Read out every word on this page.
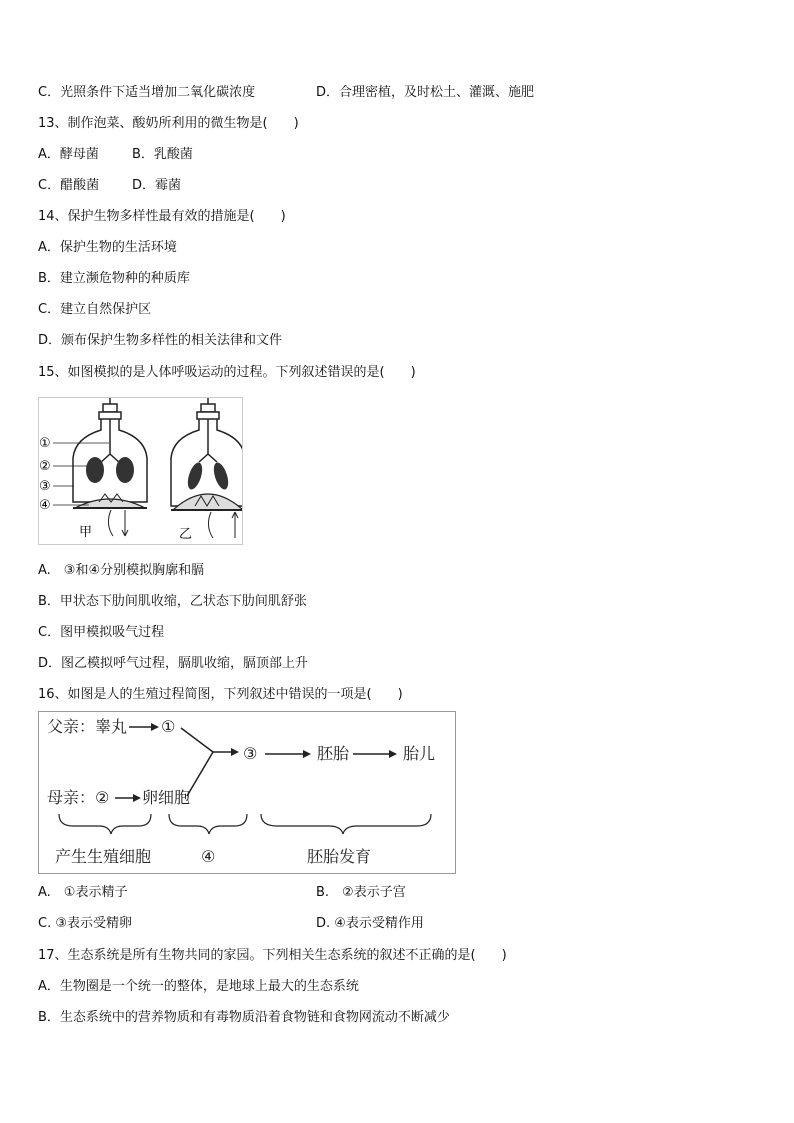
C．光照条件下适当增加二氧化碳浓度	D．合理密植，及时松土、灌溉、施肥
13、制作泡菜、酸奶所利用的微生物是(　　)
A．酵母菌	B．乳酸菌
C．醋酸菌	D．霉菌
14、保护生物多样性最有效的措施是(　　)
A．保护生物的生活环境
B．建立濒危物种的种质库
C．建立自然保护区
D．颁布保护生物多样性的相关法律和文件
15、如图模拟的是人体呼吸运动的过程。下列叙述错误的是(　　)
①
②
③
④
甲	乙
A.　③和④分别模拟胸廓和膈
B．甲状态下肋间肌收缩，乙状态下肋间肌舒张
C．图甲模拟吸气过程
D．图乙模拟呼气过程，膈肌收缩，膈顶部上升
16、如图是人的生殖过程简图，下列叙述中错误的一项是(　　)
父亲：睾丸 ①
母亲：② 卵细胞
③	胚胎	胎儿
产生生殖细胞	④	胚胎发育
A.　①表示精子	B.　②表示子宫
C. ③表示受精卵	D. ④表示受精作用
17、生态系统是所有生物共同的家园。下列相关生态系统的叙述不正确的是(　　)
A．生物圈是一个统一的整体，是地球上最大的生态系统
B．生态系统中的营养物质和有毒物质沿着食物链和食物网流动不断减少
